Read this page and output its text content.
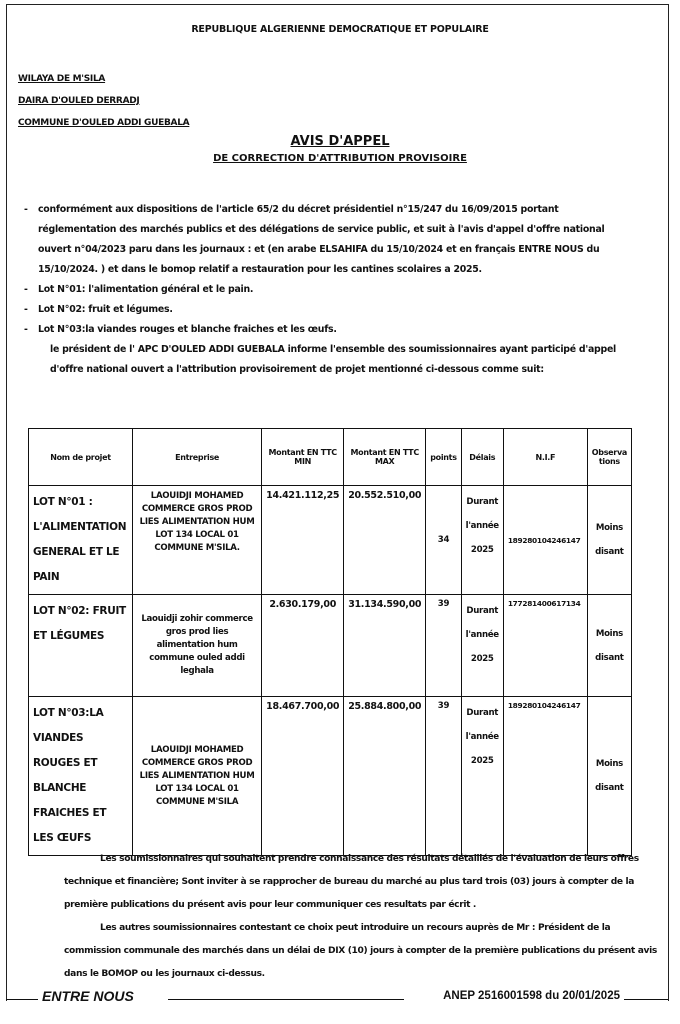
REPUBLIQUE ALGERIENNE DEMOCRATIQUE ET POPULAIRE
WILAYA DE M'SILA
DAIRA D'OULED DERRADJ
COMMUNE D'OULED ADDI GUEBALA
AVIS D'APPEL
DE CORRECTION D'ATTRIBUTION PROVISOIRE
-	conformément aux dispositions de l'article 65/2 du décret présidentiel n°15/247 du 16/09/2015 portant réglementation des marchés publics et des délégations de service public, et suit à l'avis d'appel d'offre national ouvert n°04/2023 paru dans les journaux : et (en arabe ELSAHIFA du 15/10/2024 et en français ENTRE NOUS du 15/10/2024. ) et dans le bomop relatif a restauration pour les cantines scolaires a 2025.
-	Lot N°01: l'alimentation général et le pain.
-	Lot N°02: fruit et légumes.
-	Lot N°03:la viandes rouges et blanche fraiches et les œufs.
le président de l' APC D'OULED ADDI GUEBALA informe l'ensemble des soumissionnaires ayant participé d'appel d'offre national ouvert a l'attribution provisoirement de projet mentionné ci-dessous comme suit:
Nom de projet	Entreprise	Montant EN TTC MIN	Montant EN TTC MAX	points	Délais	N.I.F	Observa tions
LOT N°01 : L'ALIMENTATION GENERAL ET LE PAIN	LAOUIDJI MOHAMED COMMERCE GROS PROD LIES ALIMENTATION HUM LOT 134 LOCAL 01 COMMUNE M'SILA.	14.421.112,25	20.552.510,00	34	Durant l'année 2025	189280104246147	Moins disant
LOT N°02: FRUIT ET LÉGUMES	Laouidji zohir commerce gros prod lies alimentation hum commune ouled addi leghala	2.630.179,00	31.134.590,00	39	Durant l'année 2025	177281400617134	Moins disant
LOT N°03:LA VIANDES ROUGES ET BLANCHE FRAICHES ET LES ŒUFS	LAOUIDJI MOHAMED COMMERCE GROS PROD LIES ALIMENTATION HUM LOT 134 LOCAL 01 COMMUNE M'SILA	18.467.700,00	25.884.800,00	39	Durant l'année 2025	189280104246147	Moins disant
Les soumissionnaires qui souhaitent prendre connaissance des résultats détaillés de l'évaluation de leurs offres technique et financière; Sont inviter à se rapprocher de bureau du marché au plus tard trois (03) jours à compter de la première publications du présent avis pour leur communiquer ces resultats par écrit .
Les autres soumissionnaires contestant ce choix peut introduire un recours auprès de Mr : Président de la commission communale des marchés dans un délai de DIX (10) jours à compter de la première publications du présent avis dans le BOMOP ou les journaux ci-dessus.
ENTRE NOUS	ANEP 2516001598 du 20/01/2025
